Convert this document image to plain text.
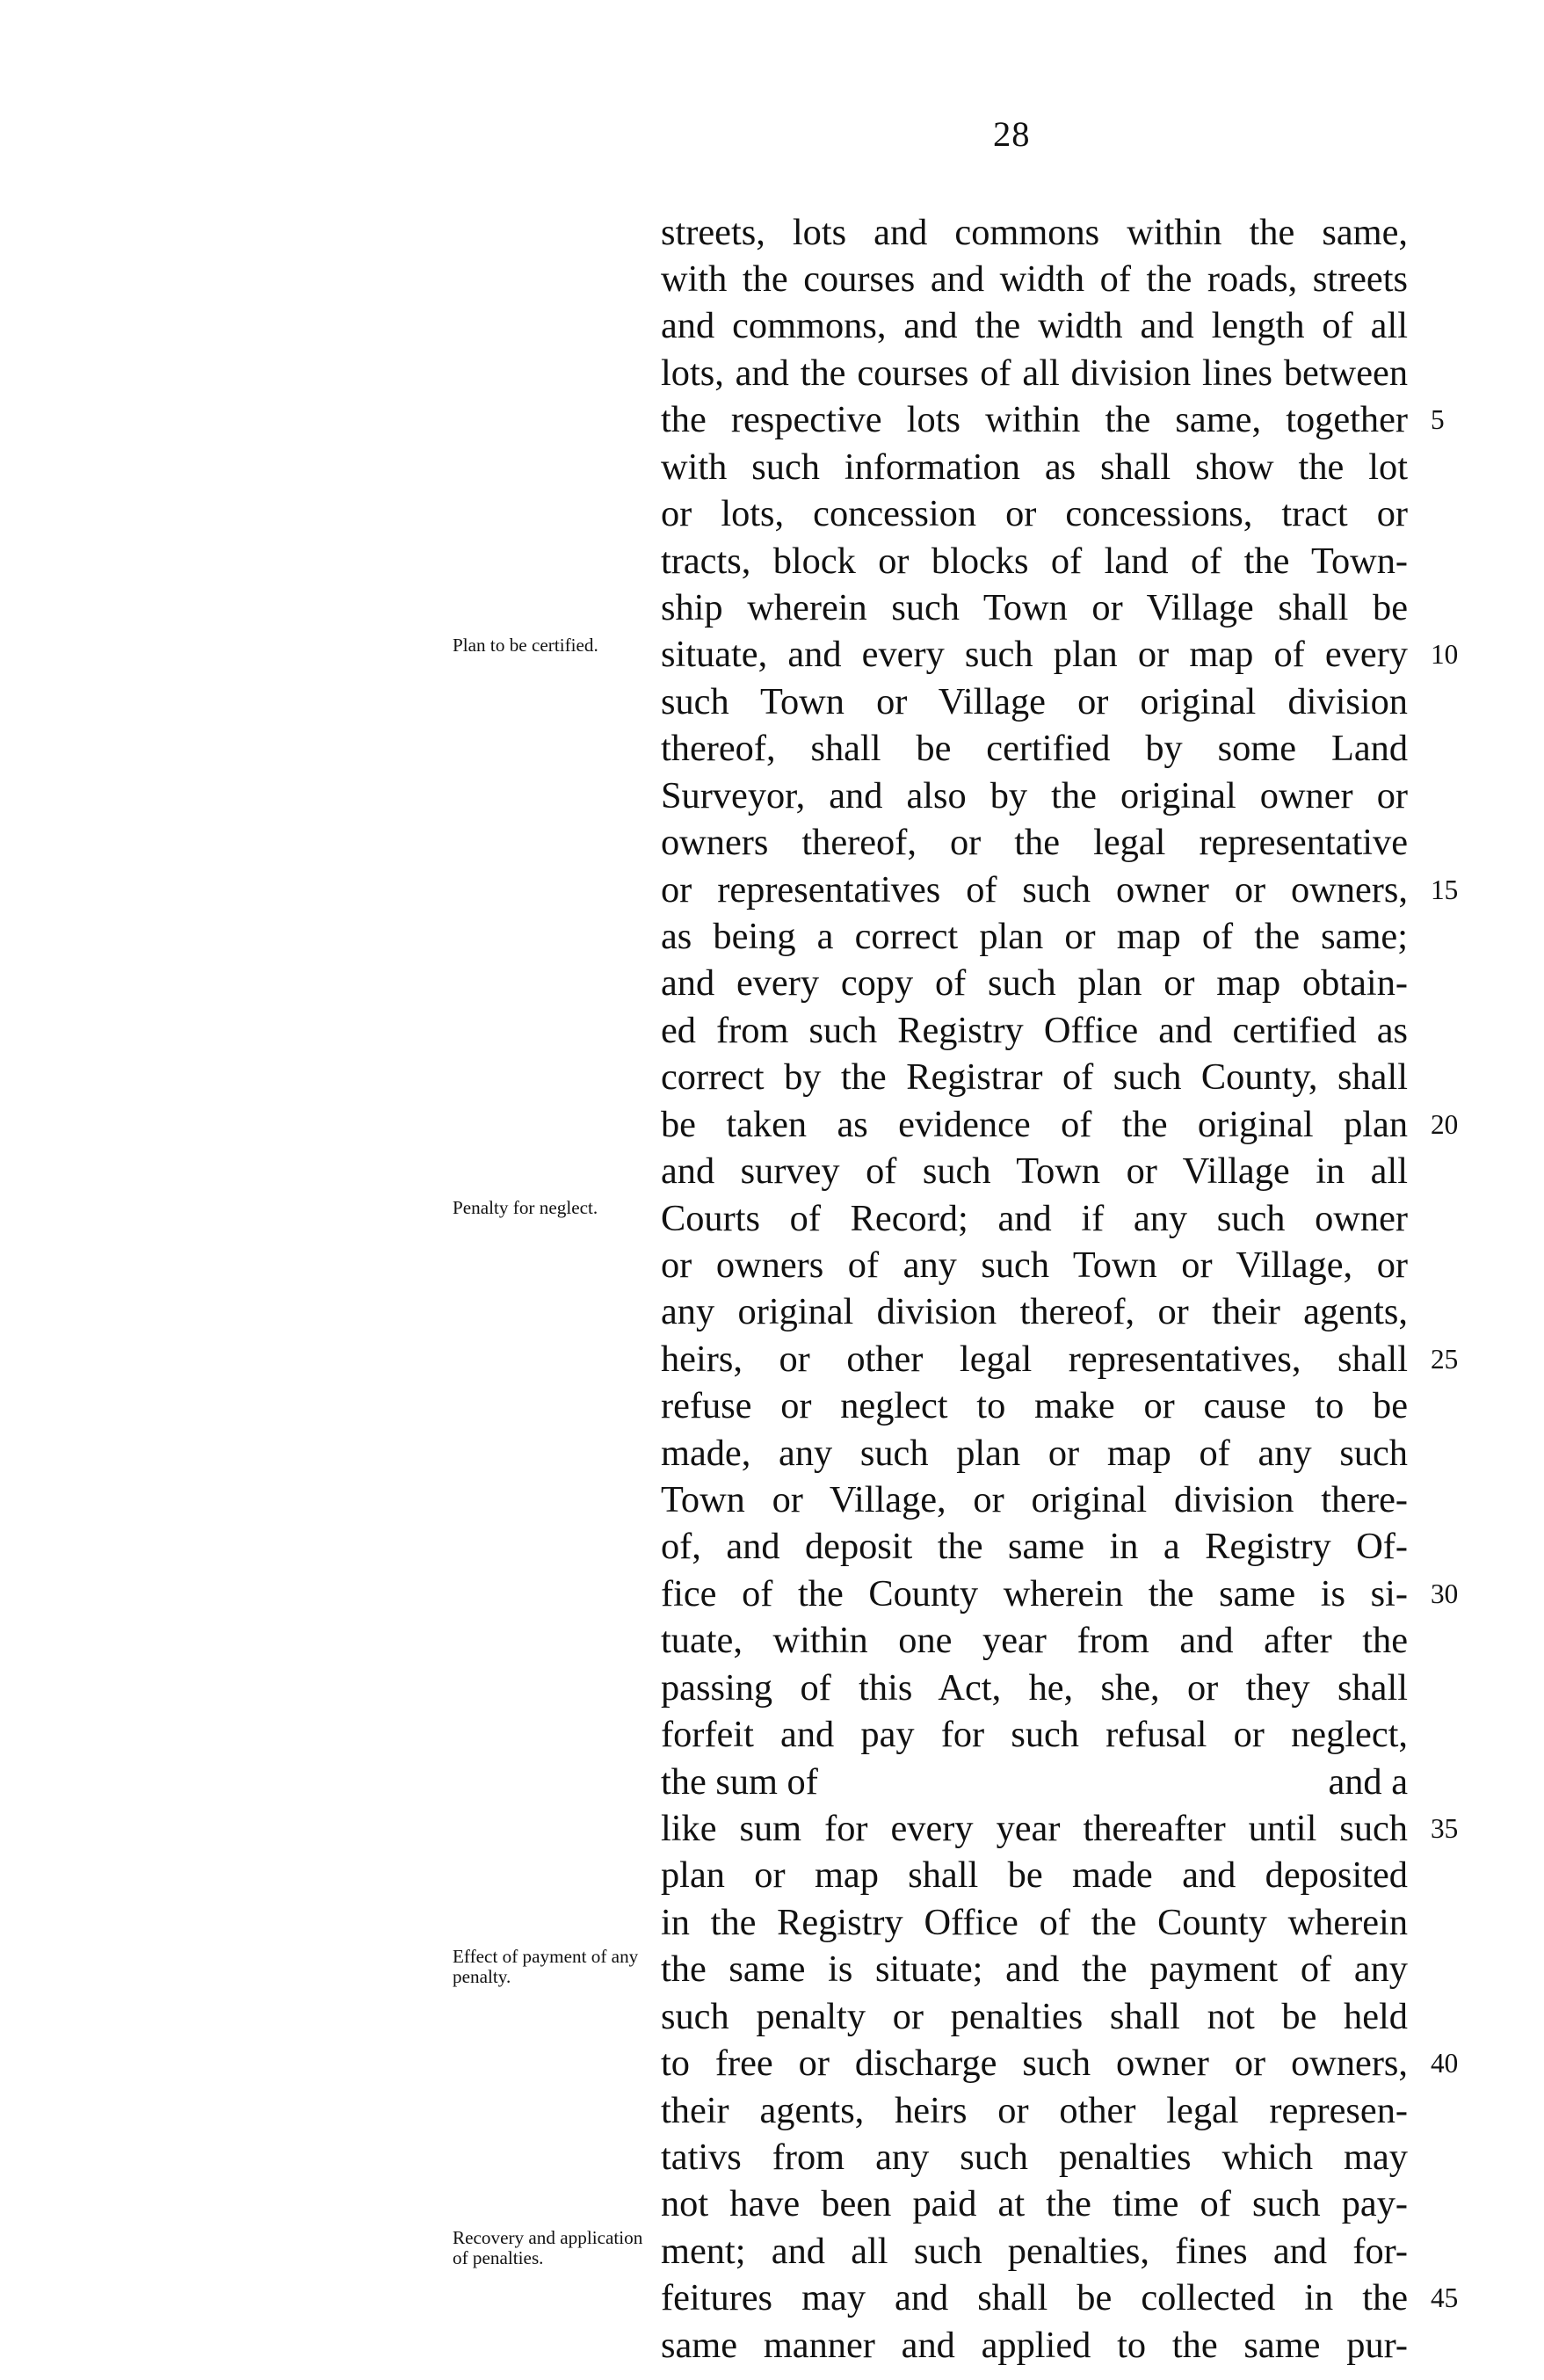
28
streets, lots and commons within the same,
with the courses and width of the roads, streets
and commons, and the width and length of all
lots, and the courses of all division lines between
the respective lots within the same, together
with such information as shall show the lot
or lots, concession or concessions, tract or
tracts, block or blocks of land of the Town-
ship wherein such Town or Village shall be
situate, and every such plan or map of every
such Town or Village or original division
thereof, shall be certified by some Land
Surveyor, and also by the original owner or
owners thereof, or the legal representative
or representatives of such owner or owners,
as being a correct plan or map of the same;
and every copy of such plan or map obtain-
ed from such Registry Office and certified as
correct by the Registrar of such County, shall
be taken as evidence of the original plan
and survey of such Town or Village in all
Courts of Record; and if any such owner
or owners of any such Town or Village, or
any original division thereof, or their agents,
heirs, or other legal representatives, shall
refuse or neglect to make or cause to be
made, any such plan or map of any such
Town or Village, or original division there-
of, and deposit the same in a Registry Of-
fice of the County wherein the same is si-
tuate, within one year from and after the
passing of this Act, he, she, or they shall
forfeit and pay for such refusal or neglect,
the sum of	and a
like sum for every year thereafter until such
plan or map shall be made and deposited
in the Registry Office of the County wherein
the same is situate; and the payment of any
such penalty or penalties shall not be held
to free or discharge such owner or owners,
their agents, heirs or other legal represen-
tativs from any such penalties which may
not have been paid at the time of such pay-
ment; and all such penalties, fines and for-
feitures may and shall be collected in the
same manner and applied to the same pur-
5
10
15
20
25
30
35
40
45
Plan to be certified.
Penalty for neglect.
Effect of payment of any penalty.
Recovery and application of penalties.
